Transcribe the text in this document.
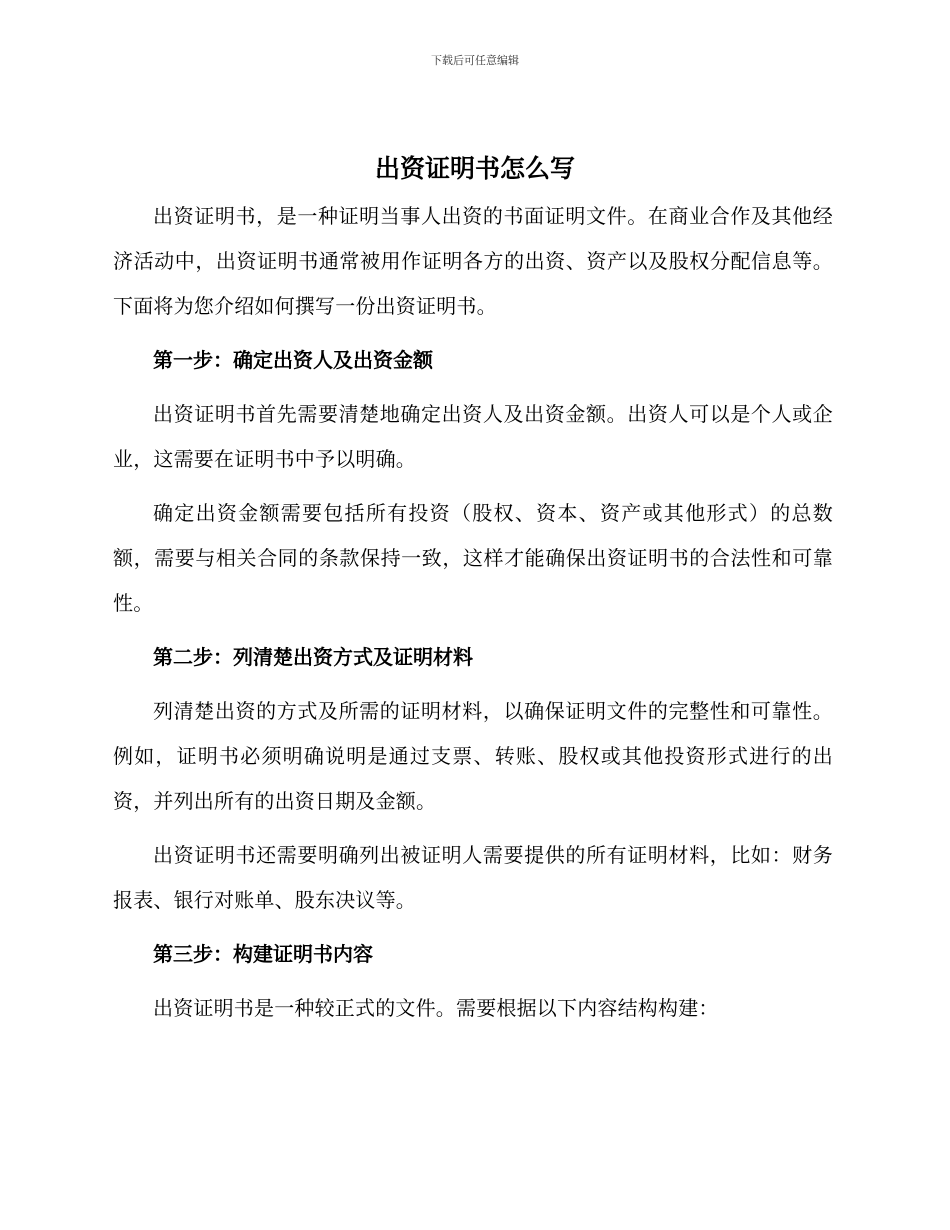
下载后可任意编辑
出资证明书怎么写

出资证明书，是一种证明当事人出资的书面证明文件。在商业合作及其他经济活动中，出资证明书通常被用作证明各方的出资、资产以及股权分配信息等。下面将为您介绍如何撰写一份出资证明书。

第一步：确定出资人及出资金额

出资证明书首先需要清楚地确定出资人及出资金额。出资人可以是个人或企业，这需要在证明书中予以明确。

确定出资金额需要包括所有投资（股权、资本、资产或其他形式）的总数额，需要与相关合同的条款保持一致，这样才能确保出资证明书的合法性和可靠性。

第二步：列清楚出资方式及证明材料

列清楚出资的方式及所需的证明材料，以确保证明文件的完整性和可靠性。例如，证明书必须明确说明是通过支票、转账、股权或其他投资形式进行的出资，并列出所有的出资日期及金额。

出资证明书还需要明确列出被证明人需要提供的所有证明材料，比如：财务报表、银行对账单、股东决议等。

第三步：构建证明书内容

出资证明书是一种较正式的文件。需要根据以下内容结构构建：
